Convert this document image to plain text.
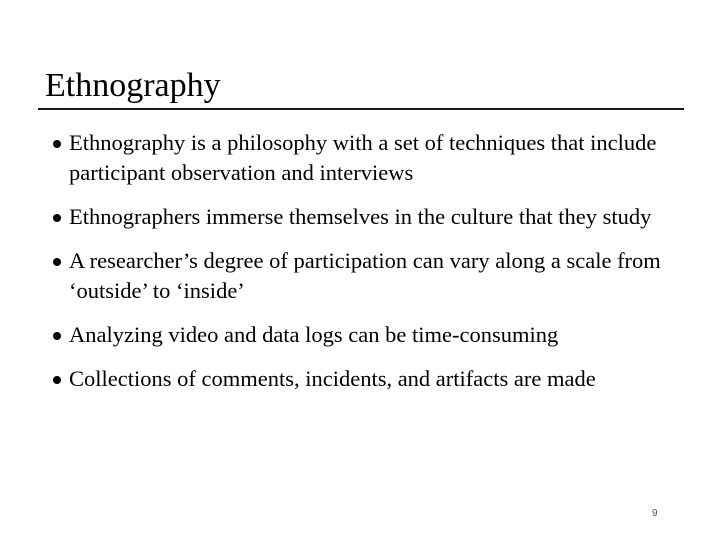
Ethnography
Ethnography is a philosophy with a set of techniques that include participant observation and interviews
Ethnographers immerse themselves in the culture that they study
A researcher’s degree of participation can vary along a scale from ‘outside’ to ‘inside’
Analyzing video and data logs can be time-consuming
Collections of comments, incidents, and artifacts are made
9
